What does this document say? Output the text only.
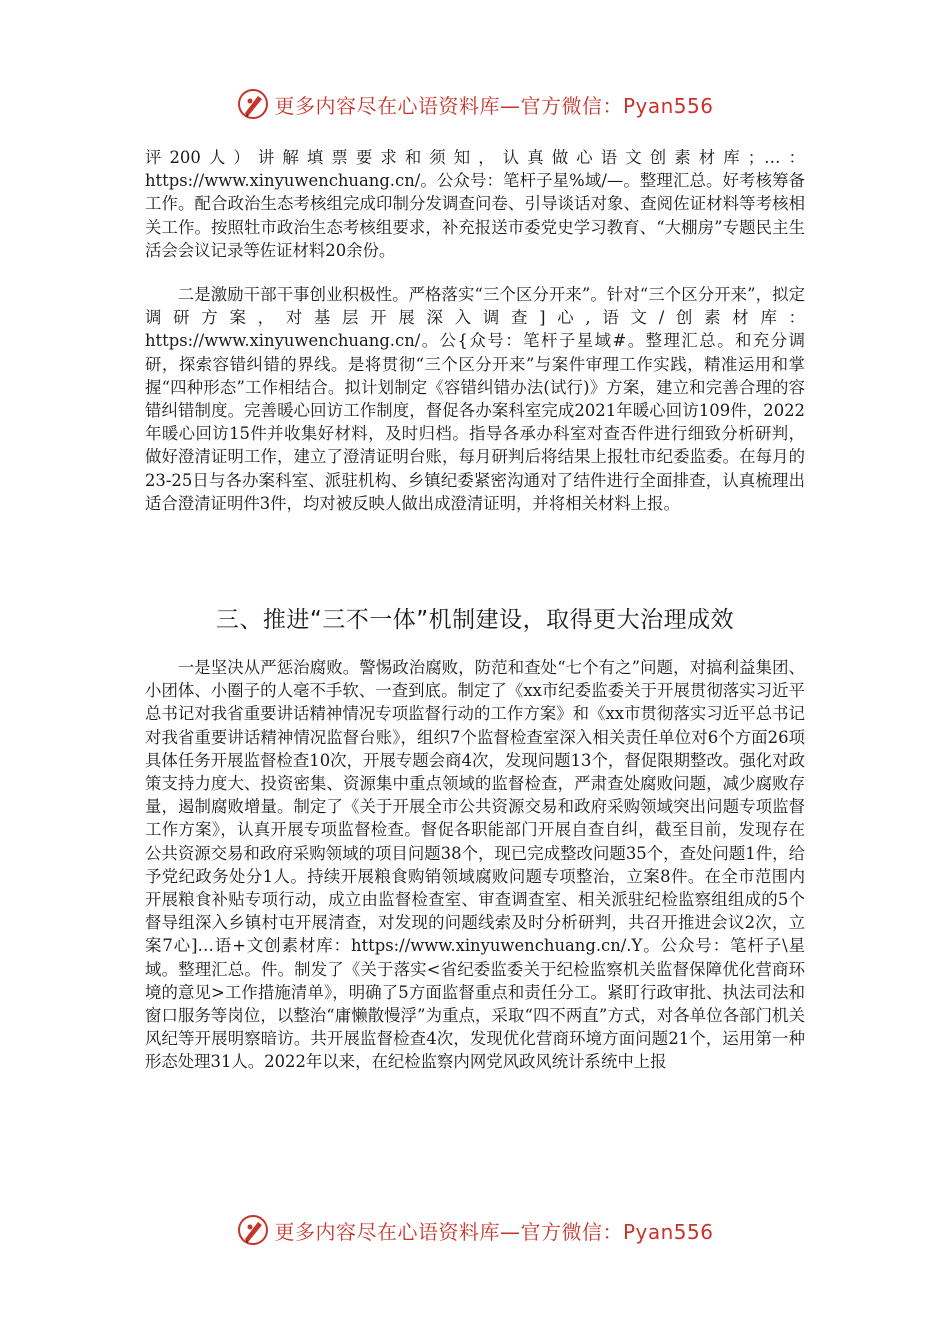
更多内容尽在心语资料库—官方微信：Pyan556

评200人）讲解填票要求和须知，认真做心语文创素材库；…：https://www.xinyuwenchuang.cn/。公众号：笔杆子星%域/—。整理汇总。好考核筹备工作。配合政治生态考核组完成印制分发调查问卷、引导谈话对象、查阅佐证材料等考核相关工作。按照牡市政治生态考核组要求，补充报送市委党史学习教育、“大棚房”专题民主生活会会议记录等佐证材料20余份。

二是激励干部干事创业积极性。严格落实“三个区分开来”。针对“三个区分开来”，拟定调研方案，对基层开展深入调查]心,语文/创素材库：https://www.xinyuwenchuang.cn/。公{众号：笔杆子星域#。整理汇总。和充分调研，探索容错纠错的界线。是将贯彻“三个区分开来”与案件审理工作实践，精准运用和掌握“四种形态”工作相结合。拟计划制定《容错纠错办法(试行)》方案，建立和完善合理的容错纠错制度。完善暖心回访工作制度，督促各办案科室完成2021年暖心回访109件，2022年暖心回访15件并收集好材料，及时归档。指导各承办科室对查否件进行细致分析研判，做好澄清证明工作，建立了澄清证明台账，每月研判后将结果上报牡市纪委监委。在每月的23-25日与各办案科室、派驻机构、乡镇纪委紧密沟通对了结件进行全面排查，认真梳理出适合澄清证明件3件，均对被反映人做出成澄清证明，并将相关材料上报。

三、推进“三不一体”机制建设，取得更大治理成效

一是坚决从严惩治腐败。警惕政治腐败，防范和查处“七个有之”问题，对搞利益集团、小团体、小圈子的人毫不手软、一查到底。制定了《xx市纪委监委关于开展贯彻落实习近平总书记对我省重要讲话精神情况专项监督行动的工作方案》和《xx市贯彻落实习近平总书记对我省重要讲话精神情况监督台账》，组织7个监督检查室深入相关责任单位对6个方面26项具体任务开展监督检查10次，开展专题会商4次，发现问题13个，督促限期整改。强化对政策支持力度大、投资密集、资源集中重点领域的监督检查，严肃查处腐败问题，减少腐败存量，遏制腐败增量。制定了《关于开展全市公共资源交易和政府采购领域突出问题专项监督工作方案》，认真开展专项监督检查。督促各职能部门开展自查自纠，截至目前，发现存在公共资源交易和政府采购领域的项目问题38个，现已完成整改问题35个，查处问题1件，给予党纪政务处分1人。持续开展粮食购销领域腐败问题专项整治，立案8件。在全市范围内开展粮食补贴专项行动，成立由监督检查室、审查调查室、相关派驻纪检监察组组成的5个督导组深入乡镇村屯开展清查，对发现的问题线索及时分析研判，共召开推进会议2次，立案7心]…语+文创素材库：https://www.xinyuwenchuang.cn/.Y。公众号：笔杆子\星域。整理汇总。件。制发了《关于落实<省纪委监委关于纪检监察机关监督保障优化营商环境的意见>工作措施清单》，明确了5方面监督重点和责任分工。紧盯行政审批、执法司法和窗口服务等岗位，以整治“庸懒散慢浮”为重点，采取“四不两直”方式，对各单位各部门机关风纪等开展明察暗访。共开展监督检查4次，发现优化营商环境方面问题21个，运用第一种形态处理31人。2022年以来，在纪检监察内网党风政风统计系统中上报

更多内容尽在心语资料库—官方微信：Pyan556
